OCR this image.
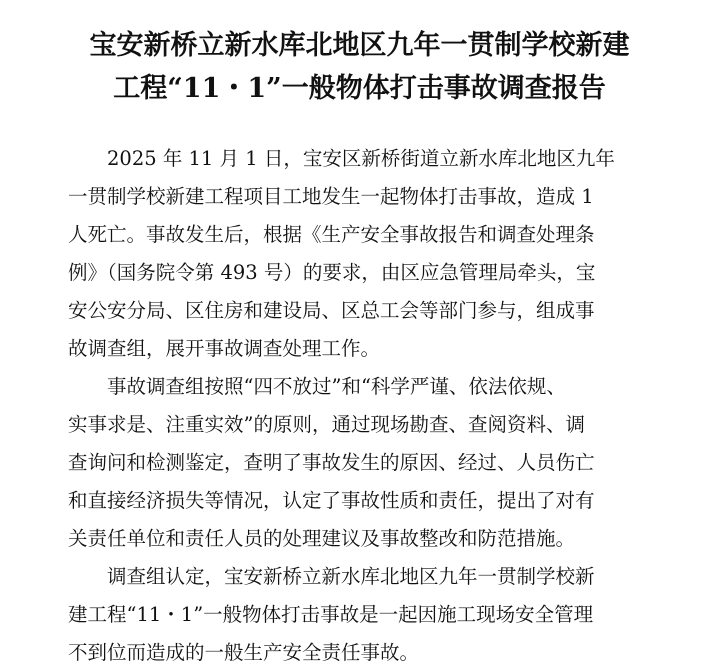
宝安新桥立新水库北地区九年一贯制学校新建
工程“11・1”一般物体打击事故调查报告

2025 年 11 月 1 日，宝安区新桥街道立新水库北地区九年
一贯制学校新建工程项目工地发生一起物体打击事故，造成 1
人死亡。事故发生后，根据《生产安全事故报告和调查处理条
例》（国务院令第 493 号）的要求，由区应急管理局牵头，宝
安公安分局、区住房和建设局、区总工会等部门参与，组成事
故调查组，展开事故调查处理工作。

事故调查组按照“四不放过”和“科学严谨、依法依规、
实事求是、注重实效”的原则，通过现场勘查、查阅资料、调
查询问和检测鉴定，查明了事故发生的原因、经过、人员伤亡
和直接经济损失等情况，认定了事故性质和责任，提出了对有
关责任单位和责任人员的处理建议及事故整改和防范措施。

调查组认定，宝安新桥立新水库北地区九年一贯制学校新
建工程“11・1”一般物体打击事故是一起因施工现场安全管理
不到位而造成的一般生产安全责任事故。
